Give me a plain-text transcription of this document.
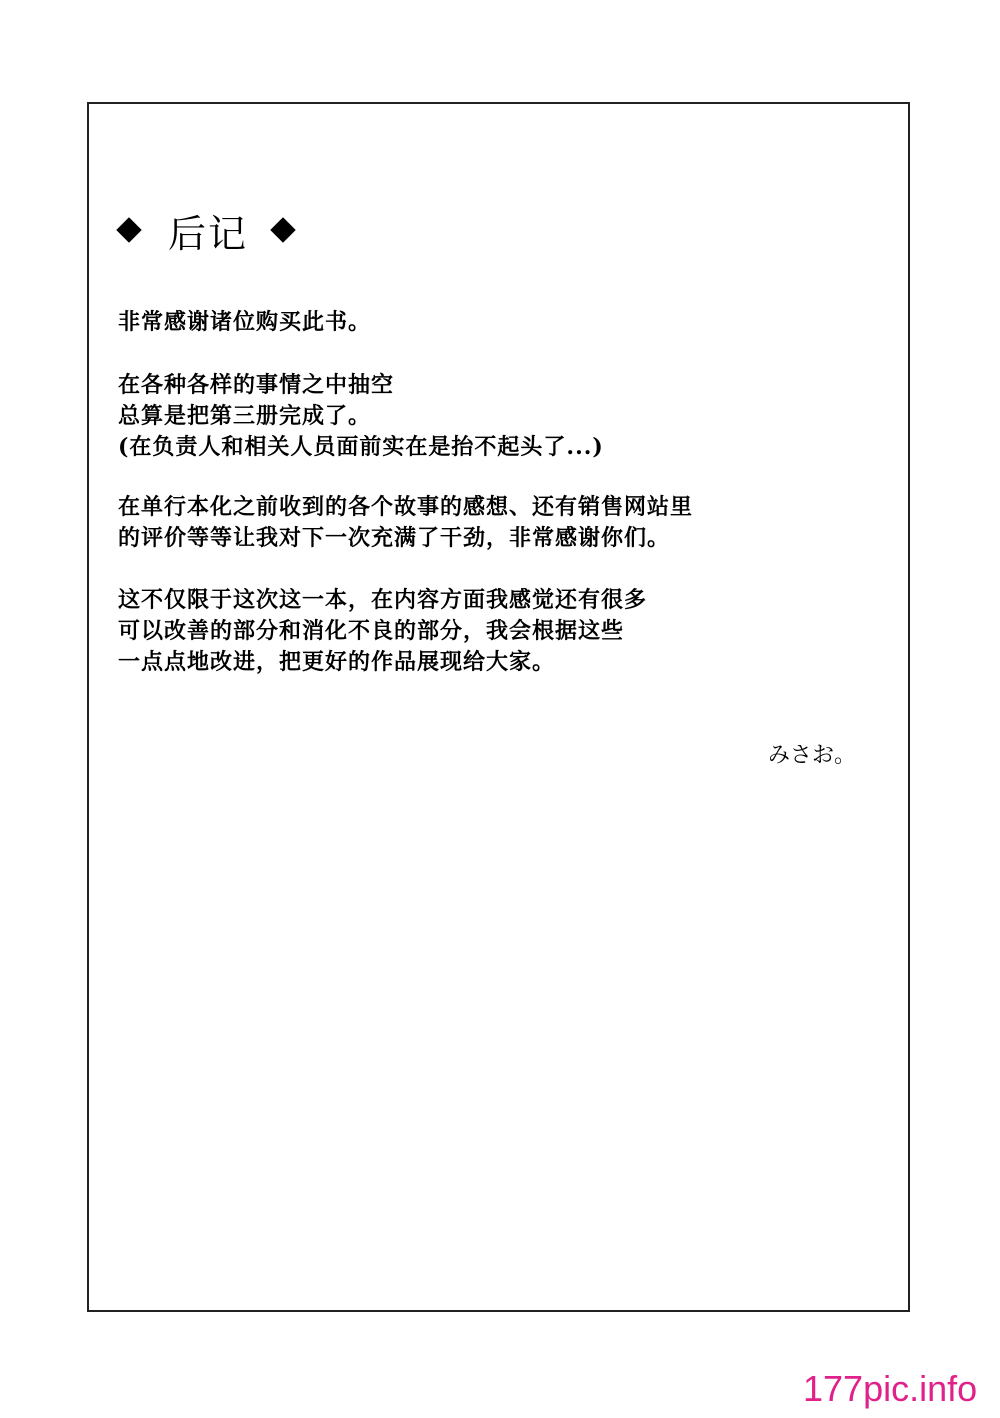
后记
非常感谢诸位购买此书。
在各种各样的事情之中抽空
总算是把第三册完成了。
(在负责人和相关人员面前实在是抬不起头了...)
在单行本化之前收到的各个故事的感想、还有销售网站里
的评价等等让我对下一次充满了干劲，非常感谢你们。
这不仅限于这次这一本，在内容方面我感觉还有很多
可以改善的部分和消化不良的部分，我会根据这些
一点点地改进，把更好的作品展现给大家。
みさお。
177pic.info
